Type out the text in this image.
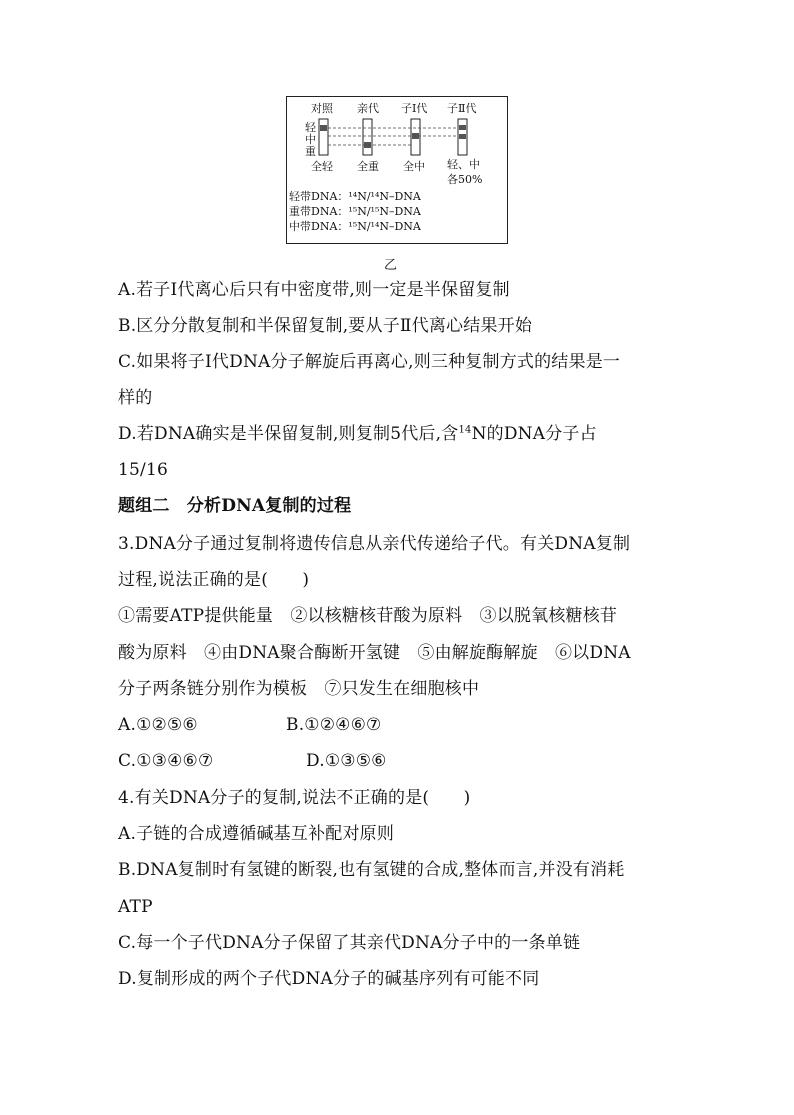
对照 亲代 子Ⅰ代 子Ⅱ代
轻
中
重
全轻 全重 全中 轻、中
各50%
轻带DNA：¹⁴N/¹⁴N–DNA
重带DNA：¹⁵N/¹⁵N–DNA
中带DNA：¹⁵N/¹⁴N–DNA
乙
A.若子Ⅰ代离心后只有中密度带,则一定是半保留复制
B.区分分散复制和半保留复制,要从子Ⅱ代离心结果开始
C.如果将子Ⅰ代DNA分子解旋后再离心,则三种复制方式的结果是一
样的
D.若DNA确实是半保留复制,则复制5代后,含$^{14}$N的DNA分子占
15/16
题组二　分析DNA复制的过程
3.DNA分子通过复制将遗传信息从亲代传递给子代。有关DNA复制
过程,说法正确的是(　　)
①需要ATP提供能量　②以核糖核苷酸为原料　③以脱氧核糖核苷
酸为原料　④由DNA聚合酶断开氢键　⑤由解旋酶解旋　⑥以DNA
分子两条链分别作为模板　⑦只发生在细胞核中
A.①②⑤⑥	B.①②④⑥⑦
C.①③④⑥⑦	D.①③⑤⑥
4.有关DNA分子的复制,说法不正确的是(　　)
A.子链的合成遵循碱基互补配对原则
B.DNA复制时有氢键的断裂,也有氢键的合成,整体而言,并没有消耗
ATP
C.每一个子代DNA分子保留了其亲代DNA分子中的一条单链
D.复制形成的两个子代DNA分子的碱基序列有可能不同
